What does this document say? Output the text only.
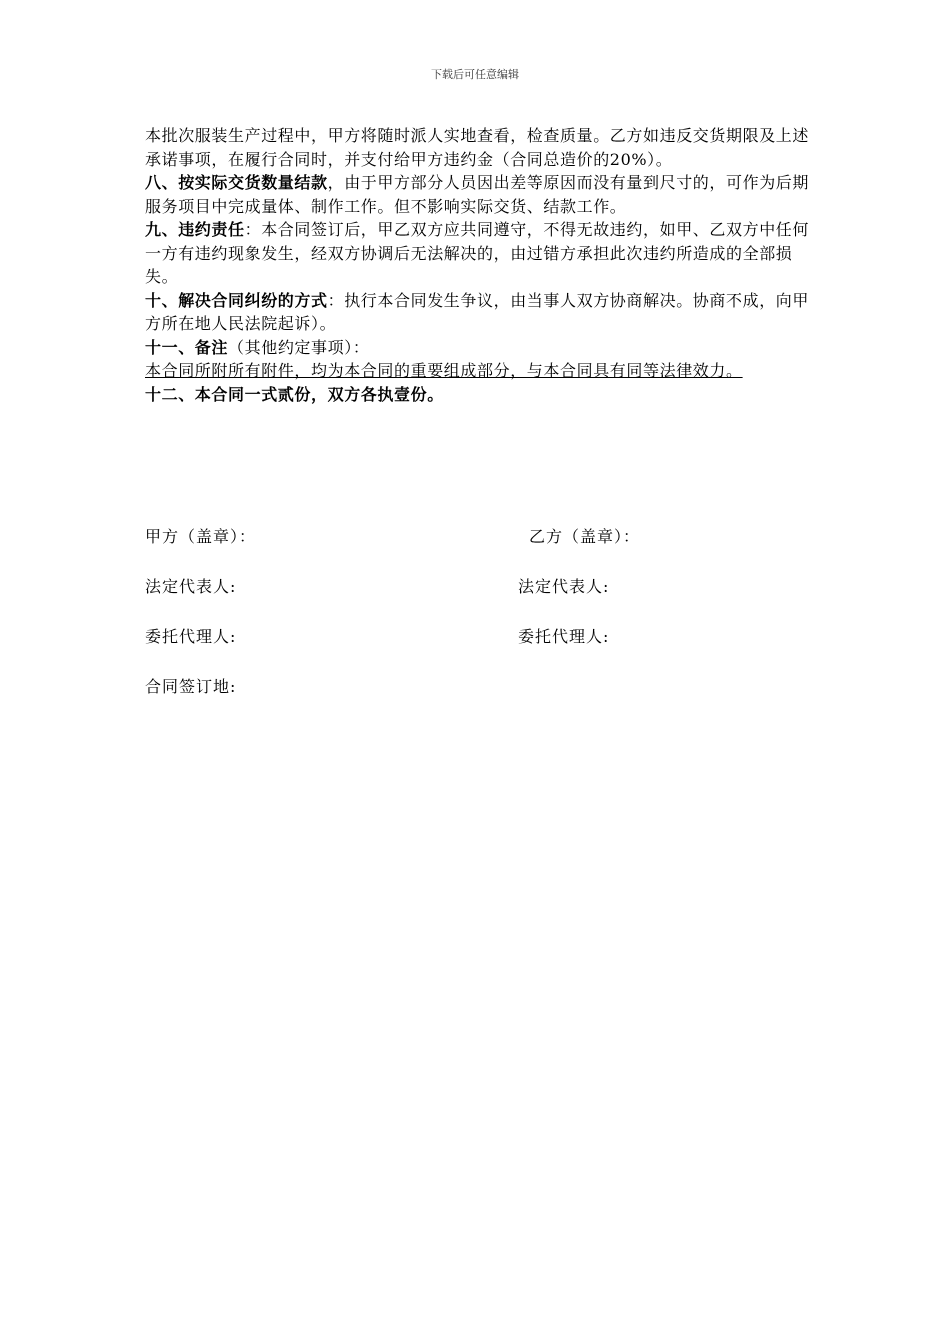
下载后可任意编辑

本批次服装生产过程中，甲方将随时派人实地查看，检查质量。乙方如违反交货期限及上述承诺事项，在履行合同时，并支付给甲方违约金（合同总造价的20%）。

八、按实际交货数量结款，由于甲方部分人员因出差等原因而没有量到尺寸的，可作为后期服务项目中完成量体、制作工作。但不影响实际交货、结款工作。

九、违约责任：本合同签订后，甲乙双方应共同遵守，不得无故违约，如甲、乙双方中任何一方有违约现象发生，经双方协调后无法解决的，由过错方承担此次违约所造成的全部损失。

十、解决合同纠纷的方式：执行本合同发生争议，由当事人双方协商解决。协商不成，向甲方所在地人民法院起诉）。

十一、备注（其他约定事项）：

本合同所附所有附件，均为本合同的重要组成部分，与本合同具有同等法律效力。

十二、本合同一式贰份，双方各执壹份。

甲方（盖章）：	乙方（盖章）：
法定代表人:	法定代表人:
委托代理人:	委托代理人:
合同签订地:
